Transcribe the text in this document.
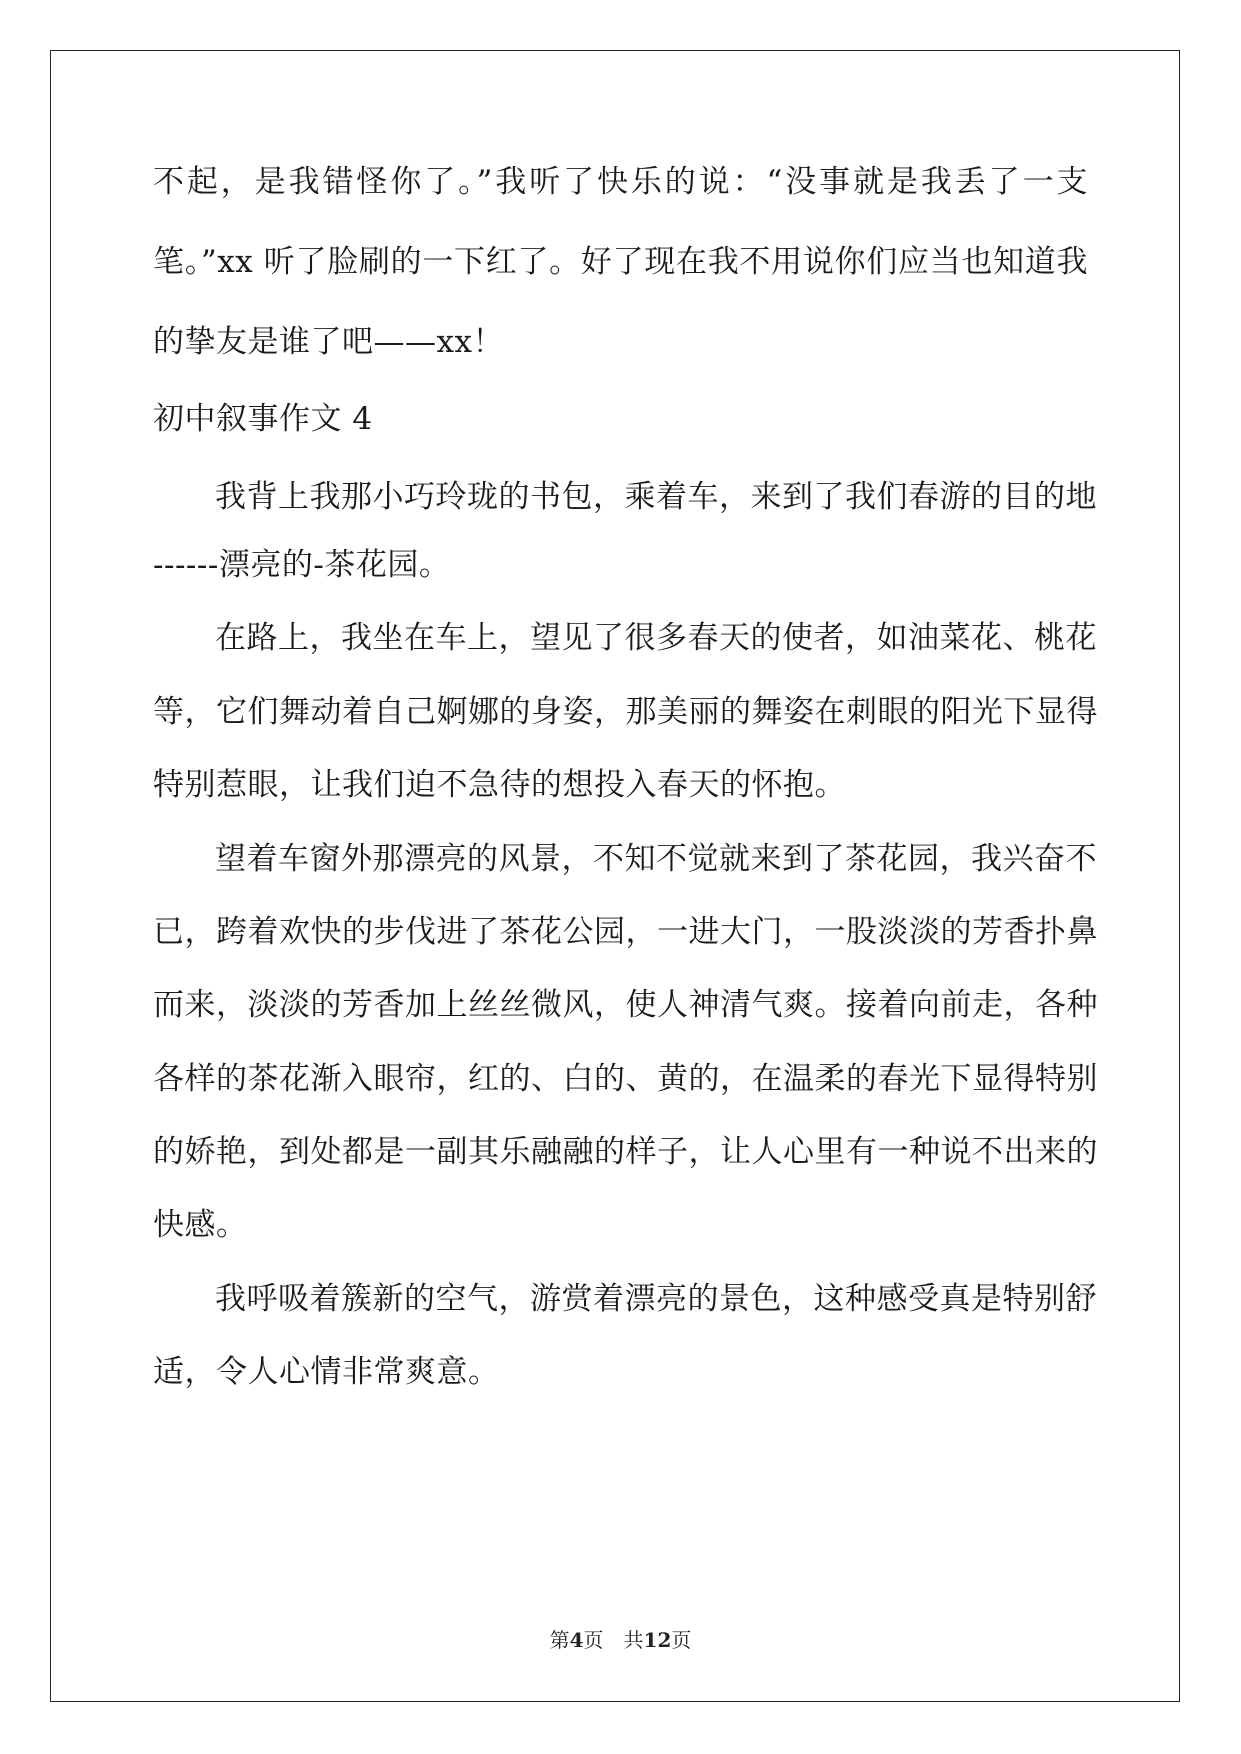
不起，是我错怪你了。”我听了快乐的说：“没事就是我丢了一支
笔。”xx 听了脸刷的一下红了。好了现在我不用说你们应当也知道我
的挚友是谁了吧——xx！
初中叙事作文 4
我背上我那小巧玲珑的书包，乘着车，来到了我们春游的目的地
------漂亮的-茶花园。
在路上，我坐在车上，望见了很多春天的使者，如油菜花、桃花
等，它们舞动着自己婀娜的身姿，那美丽的舞姿在刺眼的阳光下显得
特别惹眼，让我们迫不急待的想投入春天的怀抱。
望着车窗外那漂亮的风景，不知不觉就来到了茶花园，我兴奋不
已，跨着欢快的步伐进了茶花公园，一进大门，一股淡淡的芳香扑鼻
而来，淡淡的芳香加上丝丝微风，使人神清气爽。接着向前走，各种
各样的茶花渐入眼帘，红的、白的、黄的，在温柔的春光下显得特别
的娇艳，到处都是一副其乐融融的样子，让人心里有一种说不出来的
快感。
我呼吸着簇新的空气，游赏着漂亮的景色，这种感受真是特别舒
适，令人心情非常爽意。
第4页　共12页
